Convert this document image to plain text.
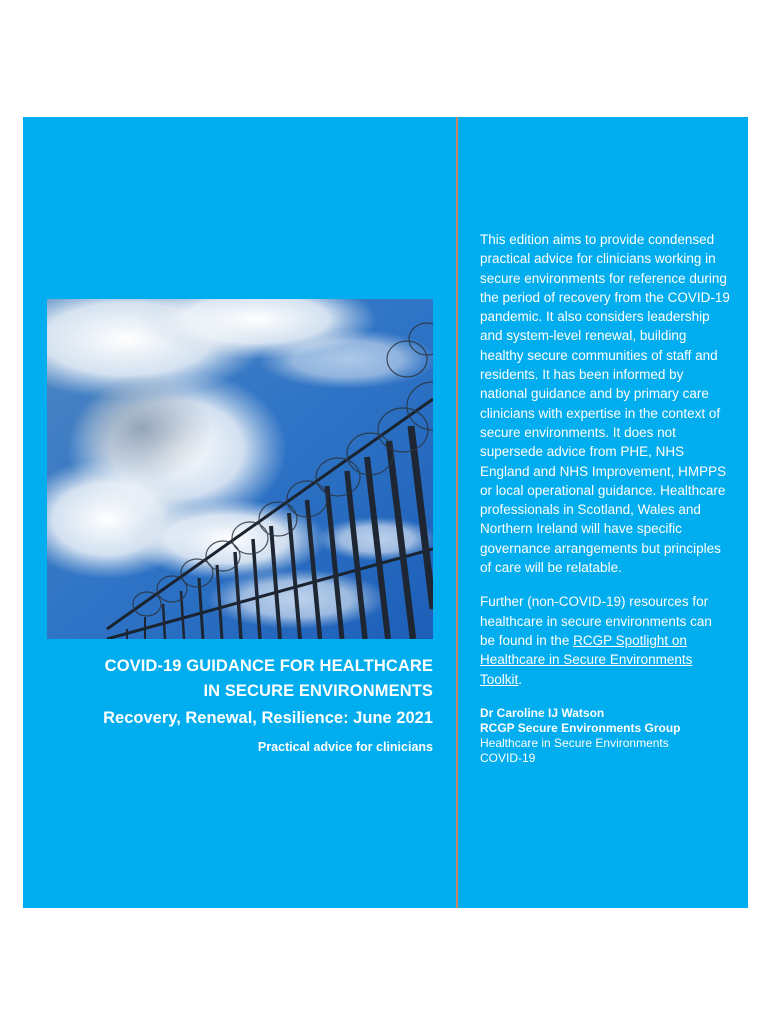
COVID-19 GUIDANCE FOR HEALTHCARE
IN SECURE ENVIRONMENTS
Recovery, Renewal, Resilience: June 2021
Practical advice for clinicians

This edition aims to provide condensed practical advice for clinicians working in secure environments for reference during the period of recovery from the COVID-19 pandemic. It also considers leadership and system-level renewal, building healthy secure communities of staff and residents. It has been informed by national guidance and by primary care clinicians with expertise in the context of secure environments. It does not supersede advice from PHE, NHS England and NHS Improvement, HMPPS or local operational guidance. Healthcare professionals in Scotland, Wales and Northern Ireland will have specific governance arrangements but principles of care will be relatable.

Further (non-COVID-19) resources for healthcare in secure environments can be found in the RCGP Spotlight on Healthcare in Secure Environments Toolkit.

Dr Caroline IJ Watson
RCGP Secure Environments Group
Healthcare in Secure Environments
COVID-19
